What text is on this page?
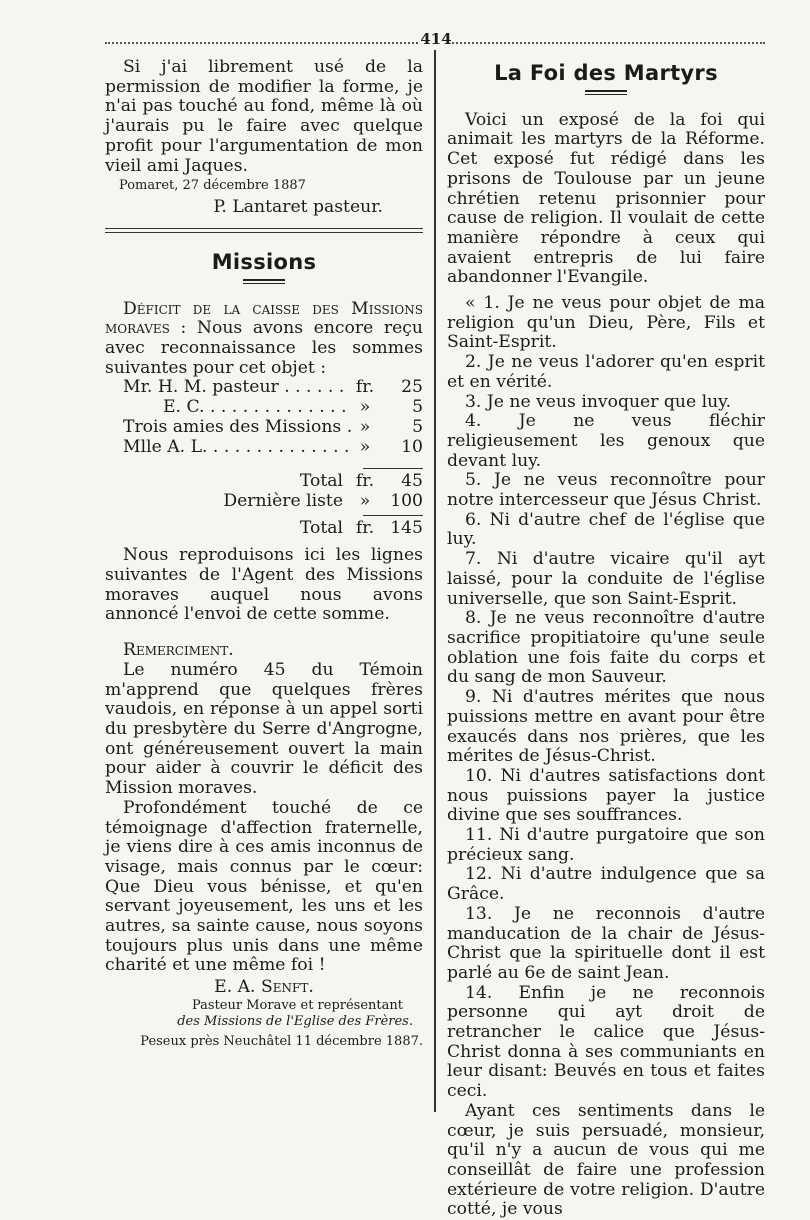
414

Si j'ai librement usé de la permission de modifier la forme, je n'ai pas touché au fond, même là où j'aurais pu le faire avec quelque profit pour l'argumentation de mon vieil ami Jaques.

Pomaret, 27 décembre 1887

P. Lantaret pasteur.

Missions

Déficit de la caisse des Missions moraves : Nous avons encore reçu avec reconnaissance les sommes suivantes pour cet objet :

Mr. H. M. pasteur . . .	fr.	25
E. C. . . .	»	5
Trois amies des Missions . . .	»	5
Mlle A. L. . . .	»	10
Total fr.	45
Dernière liste »	100
Total fr. 145

Nous reproduisons ici les lignes suivantes de l'Agent des Missions moraves auquel nous avons annoncé l'envoi de cette somme.

Remerciment.

Le numéro 45 du Témoin m'apprend que quelques frères vaudois, en réponse à un appel sorti du presbytère du Serre d'Angrogne, ont généreusement ouvert la main pour aider à couvrir le déficit des Mission moraves.

Profondément touché de ce témoignage d'affection fraternelle, je viens dire à ces amis inconnus de visage, mais connus par le cœur: Que Dieu vous bénisse, et qu'en servant joyeusement, les uns et les autres, sa sainte cause, nous soyons toujours plus unis dans une même charité et une même foi !

E. A. Senft.

Pasteur Morave et représentant

des Missions de l'Eglise des Frères.

Peseux près Neuchâtel 11 décembre 1887.

La Foi des Martyrs

Voici un exposé de la foi qui animait les martyrs de la Réforme. Cet exposé fut rédigé dans les prisons de Toulouse par un jeune chrétien retenu prisonnier pour cause de religion. Il voulait de cette manière répondre à ceux qui avaient entrepris de lui faire abandonner l'Evangile.

« 1. Je ne veus pour objet de ma religion qu'un Dieu, Père, Fils et Saint-Esprit.

2. Je ne veus l'adorer qu'en esprit et en vérité.

3. Je ne veus invoquer que luy.

4. Je ne veus fléchir religieusement les genoux que devant luy.

5. Je ne veus reconnoître pour notre intercesseur que Jésus Christ.

6. Ni d'autre chef de l'église que luy.

7. Ni d'autre vicaire qu'il ayt laissé, pour la conduite de l'église universelle, que son Saint-Esprit.

8. Je ne veus reconnoître d'autre sacrifice propitiatoire qu'une seule oblation une fois faite du corps et du sang de mon Sauveur.

9. Ni d'autres mérites que nous puissions mettre en avant pour être exaucés dans nos prières, que les mérites de Jésus-Christ.

10. Ni d'autres satisfactions dont nous puissions payer la justice divine que ses souffrances.

11. Ni d'autre purgatoire que son précieux sang.

12. Ni d'autre indulgence que sa Grâce.

13. Je ne reconnois d'autre manducation de la chair de Jésus-Christ que la spirituelle dont il est parlé au 6e de saint Jean.

14. Enfin je ne reconnois personne qui ayt droit de retrancher le calice que Jésus-Christ donna à ses communiants en leur disant: Beuvés en tous et faites ceci.

Ayant ces sentiments dans le cœur, je suis persuadé, monsieur, qu'il n'y a aucun de vous qui me conseillât de faire une profession extérieure de votre religion. D'autre cotté, je vous
